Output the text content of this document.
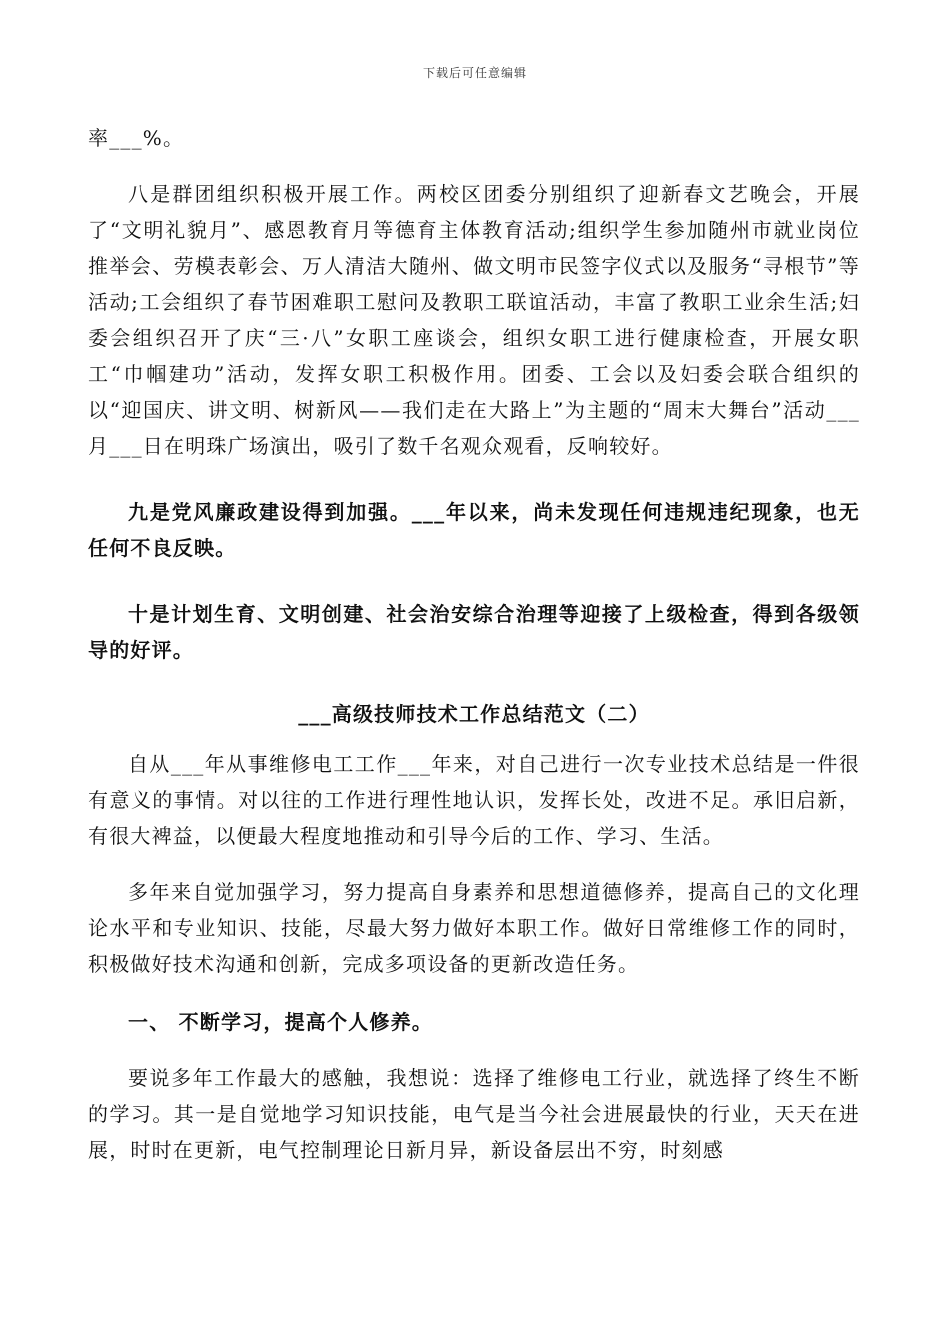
下载后可任意编辑

率___%。

八是群团组织积极开展工作。两校区团委分别组织了迎新春文艺晚会，开展了“文明礼貌月”、感恩教育月等德育主体教育活动;组织学生参加随州市就业岗位推举会、劳模表彰会、万人清洁大随州、做文明市民签字仪式以及服务“寻根节”等活动;工会组织了春节困难职工慰问及教职工联谊活动，丰富了教职工业余生活;妇委会组织召开了庆“三·八”女职工座谈会，组织女职工进行健康检查，开展女职工“巾帼建功”活动，发挥女职工积极作用。团委、工会以及妇委会联合组织的以“迎国庆、讲文明、树新风——我们走在大路上”为主题的“周末大舞台”活动___月___日在明珠广场演出，吸引了数千名观众观看，反响较好。

九是党风廉政建设得到加强。___年以来，尚未发现任何违规违纪现象，也无任何不良反映。

十是计划生育、文明创建、社会治安综合治理等迎接了上级检查，得到各级领导的好评。

___高级技师技术工作总结范文（二）

自从___年从事维修电工工作___年来，对自己进行一次专业技术总结是一件很有意义的事情。对以往的工作进行理性地认识，发挥长处，改进不足。承旧启新，有很大裨益，以便最大程度地推动和引导今后的工作、学习、生活。

多年来自觉加强学习，努力提高自身素养和思想道德修养，提高自己的文化理论水平和专业知识、技能，尽最大努力做好本职工作。做好日常维修工作的同时，积极做好技术沟通和创新，完成多项设备的更新改造任务。

一、 不断学习，提高个人修养。

要说多年工作最大的感触，我想说：选择了维修电工行业，就选择了终生不断的学习。其一是自觉地学习知识技能，电气是当今社会进展最快的行业，天天在进展，时时在更新，电气控制理论日新月异，新设备层出不穷，时刻感
